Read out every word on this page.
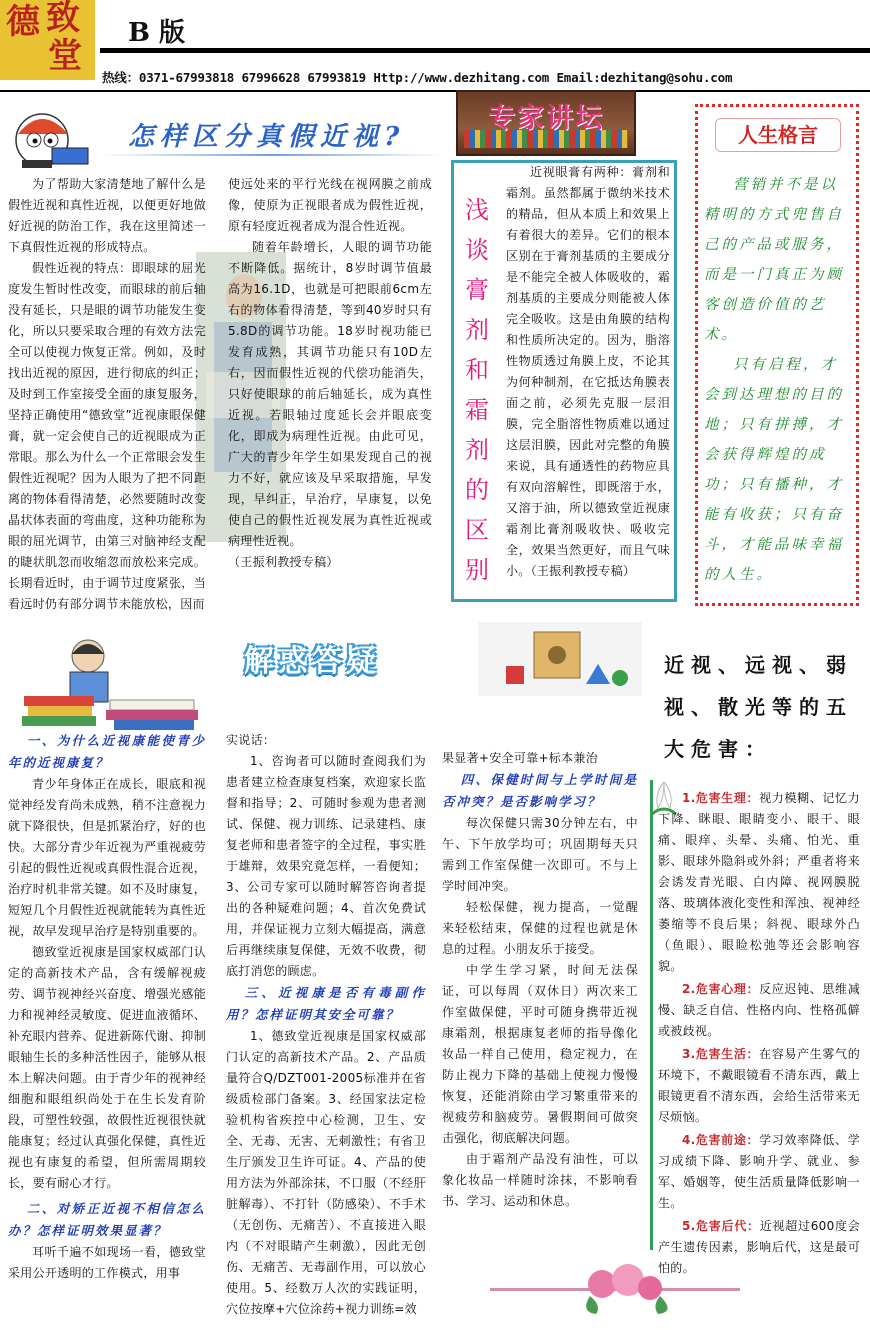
德 致
堂
B 版
热线：0371-67993818 67996628 67993819 Http://www.dezhitang.com Email:dezhitang@sohu.com
怎样区分真假近视?

为了帮助大家清楚地了解什么是假性近视和真性近视，以便更好地做好近视的防治工作，我在这里简述一下真假性近视的形成特点。

假性近视的特点：即眼球的屈光度发生暂时性改变，而眼球的前后轴没有延长，只是眼的调节功能发生变化，所以只要采取合理的有效方法完全可以使视力恢复正常。例如，及时找出近视的原因，进行彻底的纠正；及时到工作室接受全面的康复服务，坚持正确使用“德致堂”近视康眼保健膏，就一定会使自己的近视眼成为正常眼。那么为什么一个正常眼会发生假性近视呢？因为人眼为了把不同距离的物体看得清楚，必然要随时改变晶状体表面的弯曲度，这种功能称为眼的屈光调节，由第三对脑神经支配的睫状肌忽而收缩忽而放松来完成。长期看近时，由于调节过度紧张，当看远时仍有部分调节未能放松，因而

使远处来的平行光线在视网膜之前成像，使原为正视眼者成为假性近视，原有轻度近视者成为混合性近视。

随着年龄增长，人眼的调节功能不断降低。据统计，8岁时调节值最高为16.1D，也就是可把眼前6cm左右的物体看得清楚，等到40岁时只有5.8D的调节功能。18岁时视功能已发育成熟，其调节功能只有10D左右，因而假性近视的代偿功能消失，只好使眼球的前后轴延长，成为真性近视。若眼轴过度延长会并眼底变化，即成为病理性近视。由此可见，广大的青少年学生如果发现自己的视力不好，就应该及早采取措施，早发现，早纠正，早治疗，早康复，以免使自己的假性近视发展为真性近视或病理性近视。

（王振利教授专稿）

专家讲坛
浅谈膏剂和霜剂的区别

近视眼膏有两种：膏剂和霜剂。虽然都属于微纳米技术的精品，但从本质上和效果上有着很大的差异。它们的根本区别在于膏剂基质的主要成分是不能完全被人体吸收的，霜剂基质的主要成分则能被人体完全吸收。这是由角膜的结构和性质所决定的。因为，脂溶性物质透过角膜上皮，不论其为何种制剂，在它抵达角膜表面之前，必须先克服一层泪膜，完全脂溶性物质难以通过这层泪膜，因此对完整的角膜来说，具有通透性的药物应具有双向溶解性，即既溶于水，又溶于油，所以德致堂近视康霜剂比膏剂吸收快、吸收完全，效果当然更好，而且气味小。（王振利教授专稿）

人生格言
营销并不是以精明的方式兜售自己的产品或服务，而是一门真正为顾客创造价值的艺术。
只有启程，才会到达理想的目的地；只有拼搏，才会获得辉煌的成功；只有播种，才能有收获；只有奋斗，才能品味幸福的人生。
解惑答疑
一、为什么近视康能使青少年的近视康复？

青少年身体正在成长，眼底和视觉神经发育尚未成熟，稍不注意视力就下降很快，但是抓紧治疗，好的也快。大部分青少年近视为严重视疲劳引起的假性近视或真假性混合近视，治疗时机非常关键。如不及时康复，短短几个月假性近视就能转为真性近视，故早发现早治疗是特别重要的。

德致堂近视康是国家权威部门认定的高新技术产品，含有缓解视疲劳、调节视神经兴奋度、增强光感能力和视神经灵敏度、促进血液循环、补充眼内营养、促进新陈代谢、抑制眼轴生长的多种活性因子，能够从根本上解决问题。由于青少年的视神经细胞和眼组织尚处于在生长发育阶段，可塑性较强，故假性近视很快就能康复；经过认真强化保健，真性近视也有康复的希望，但所需周期较长，要有耐心才行。

二、对矫正近视不相信怎么办？怎样证明效果显著？

耳听千遍不如现场一看，德致堂采用公开透明的工作模式，用事

实说话：

1、咨询者可以随时查阅我们为患者建立检查康复档案，欢迎家长监督和指导；2、可随时参观为患者测试、保健、视力训练、记录建档、康复老师和患者签字的全过程，事实胜于雄辩，效果究竟怎样，一看便知；3、公司专家可以随时解答咨询者提出的各种疑难问题；4、首次免费试用，并保证视力立刻大幅提高，满意后再继续康复保健，无效不收费，彻底打消您的顾虑。

三、近视康是否有毒副作用？怎样证明其安全可靠？

1、德致堂近视康是国家权威部门认定的高新技术产品。2、产品质量符合Q/DZT001-2005标准并在省级质检部门备案。3、经国家法定检验机构省疾控中心检测，卫生、安全、无毒、无害、无刺激性；有省卫生厅颁发卫生许可证。4、产品的使用方法为外部涂抹，不口服（不经肝脏解毒）、不打针（防感染）、不手术（无创伤、无痛苦）、不直接进入眼内（不对眼睛产生刺激），因此无创伤、无痛苦、无毒副作用，可以放心使用。5、经数万人次的实践证明，穴位按摩+穴位涂药+视力训练=效

果显著+安全可靠+标本兼治

四、保健时间与上学时间是否冲突？是否影响学习？

每次保健只需30分钟左右，中午、下午放学均可；巩固期每天只需到工作室保健一次即可。不与上学时间冲突。

轻松保健，视力提高，一觉醒来轻松结束，保健的过程也就是休息的过程。小朋友乐于接受。

中学生学习紧，时间无法保证，可以每周（双休日）两次来工作室做保健，平时可随身携带近视康霜剂，根据康复老师的指导像化妆品一样自己使用，稳定视力，在防止视力下降的基础上使视力慢慢恢复，还能消除由学习繁重带来的视疲劳和脑疲劳。暑假期间可做突击强化，彻底解决问题。

由于霜剂产品没有油性，可以象化妆品一样随时涂抹，不影响看书、学习、运动和休息。

近视、远视、弱视、散光等的五大危害：
1.危害生理：视力模糊、记忆力下降、眯眼、眼睛变小、眼干、眼痛、眼痒、头晕、头痛、怕光、重影、眼球外隐斜或外斜；严重者将来会诱发青光眼、白内障、视网膜脱落、玻璃体液化变性和浑浊、视神经萎缩等不良后果；斜视、眼球外凸（鱼眼）、眼睑松弛等还会影响容貌。
2.危害心理：反应迟钝、思维减慢、缺乏自信、性格内向、性格孤僻或被歧视。
3.危害生活：在容易产生雾气的环境下，不戴眼镜看不清东西，戴上眼镜更看不清东西，会给生活带来无尽烦恼。
4.危害前途：学习效率降低、学习成绩下降、影响升学、就业、参军、婚姻等，使生活质量降低影响一生。
5.危害后代：近视超过600度会产生遗传因素，影响后代，这是最可怕的。
